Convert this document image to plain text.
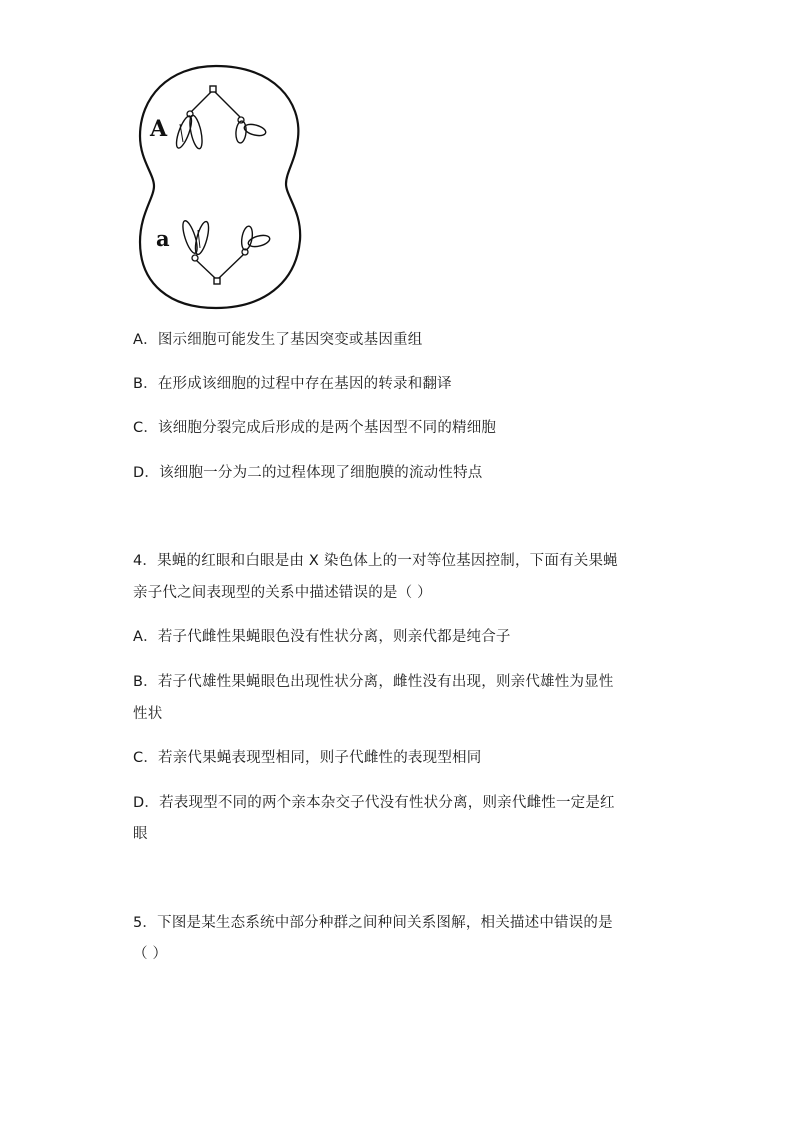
A
a
A．图示细胞可能发生了基因突变或基因重组
B．在形成该细胞的过程中存在基因的转录和翻译
C．该细胞分裂完成后形成的是两个基因型不同的精细胞
D．该细胞一分为二的过程体现了细胞膜的流动性特点
4．果蝇的红眼和白眼是由 X 染色体上的一对等位基因控制，下面有关果蝇
亲子代之间表现型的关系中描述错误的是（ ）
A．若子代雌性果蝇眼色没有性状分离，则亲代都是纯合子
B．若子代雄性果蝇眼色出现性状分离，雌性没有出现，则亲代雄性为显性
性状
C．若亲代果蝇表现型相同，则子代雌性的表现型相同
D．若表现型不同的两个亲本杂交子代没有性状分离，则亲代雌性一定是红
眼
5．下图是某生态系统中部分种群之间种间关系图解，相关描述中错误的是
（ ）
